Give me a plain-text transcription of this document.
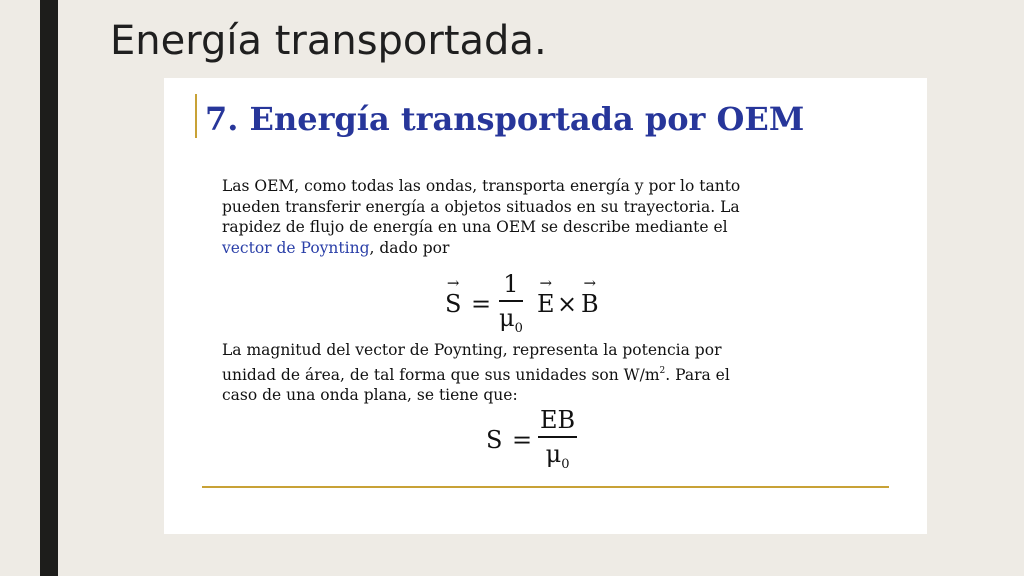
Energía transportada.
7. Energía transportada por OEM
Las OEM, como todas las ondas, transporta energía y por lo tanto
pueden transferir energía a objetos situados en su trayectoria. La
rapidez de flujo de energía en una OEM se describe mediante el
vector de Poynting, dado por
→ S =
1
$\mu_0$
→ E ×
→ B
La magnitud del vector de Poynting, representa la potencia por
unidad de área, de tal forma que sus unidades son $W/m^2$. Para el
caso de una onda plana, se tiene que:
S =
EB
$\mu_0$
